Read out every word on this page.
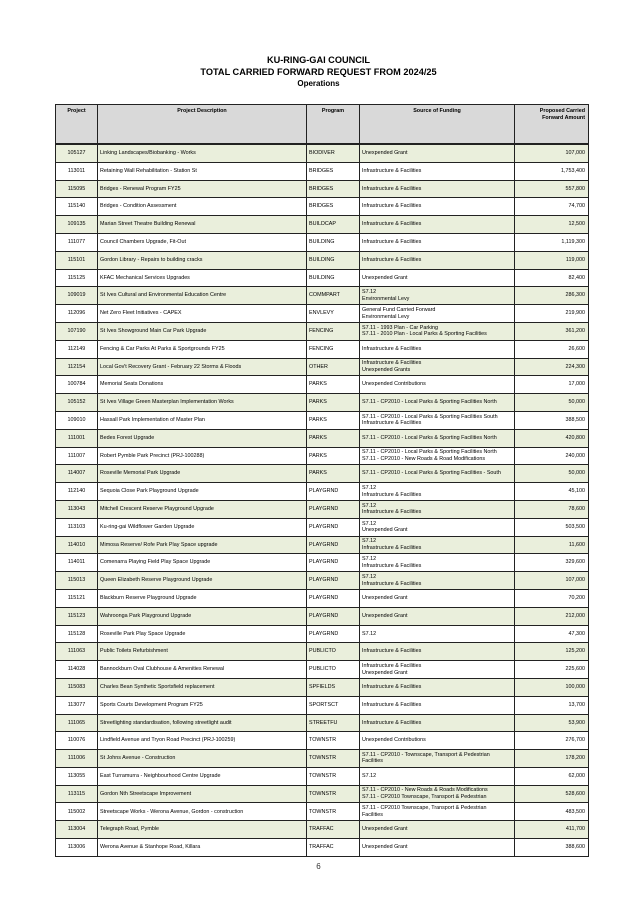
KU-RING-GAI COUNCIL
TOTAL CARRIED FORWARD REQUEST FROM 2024/25
Operations
Project	Project Description	Program	Source of Funding	Proposed Carried
Forward Amount

105127	Linking Landscapes/Biobanking - Works	BIODIVER	Unexpended Grant	107,000
113011	Retaining Wall Rehabilitation - Station St	BRIDGES	Infrastructure & Facilities	1,753,400
115095	Bridges - Renewal Program FY25	BRIDGES	Infrastructure & Facilities	557,800
115140	Bridges - Condition Assessment	BRIDGES	Infrastructure & Facilities	74,700
109135	Marian Street Theatre Building Renewal	BUILDCAP	Infrastructure & Facilities	12,500
111077	Council Chambers Upgrade, Fit-Out	BUILDING	Infrastructure & Facilities	1,119,300
115101	Gordon Library - Repairs to building cracks	BUILDING	Infrastructure & Facilities	119,000
115125	KFAC Mechanical Services Upgrades	BUILDING	Unexpended Grant	82,400
109019	St Ives Cultural and Environmental Education Centre	COMMPART	S7.12
Environmental Levy	286,300
112096	Net Zero Fleet Initiatives - CAPEX	ENVLEVY	General Fund Carried Forward
Environmental Levy	219,900
107190	St Ives Showground Main Car Park Upgrade	FENCING	S7.11 - 1993 Plan - Car Parking
S7.11 - 2010 Plan - Local Parks & Sporting Facilities	361,200
112149	Fencing & Car Parks At Parks & Sportgrounds FY25	FENCING	Infrastructure & Facilities	26,600
112154	Local Gov't Recovery Grant - February 22 Storms & Floods	OTHER	Infrastructure & Facilities
Unexpended Grants	224,300
100784	Memorial Seats Donations	PARKS	Unexpended Contributions	17,000
105152	St Ives Village Green Masterplan Implementation Works	PARKS	S7.11 - CP2010 - Local Parks & Sporting Facilities North	50,000
109010	Hassall Park Implementation of Master Plan	PARKS	S7.11 - CP2010 - Local Parks & Sporting Facilities South
Infrastructure & Facilities	388,500
111001	Bedes Forest Upgrade	PARKS	S7.11 - CP2010 - Local Parks & Sporting Facilities North	420,800
111007	Robert Pymble Park Precinct (PRJ-100288)	PARKS	S7.11 - CP2010 - Local Parks & Sporting Facilities North
S7.11 - CP2010 - New Roads & Road Modifications	240,000
114007	Roseville Memorial Park Upgrade	PARKS	S7.11 - CP2010 - Local Parks & Sporting Facilities - South	50,000
112140	Sequoia Close Park Playground Upgrade	PLAYGRND	S7.12
Infrastructure & Facilities	45,100
113043	Mitchell Crescent Reserve Playground Upgrade	PLAYGRND	S7.12
Infrastructure & Facilities	78,600
113103	Ku-ring-gai Wildflower Garden Upgrade	PLAYGRND	S7.12
Unexpended Grant	503,500
114010	Mimosa Reserve/ Rofe Park Play Space upgrade	PLAYGRND	S7.12
Infrastructure & Facilities	11,600
114011	Comenarra Playing Field Play Space Upgrade	PLAYGRND	S7.12
Infrastructure & Facilities	329,600
115013	Queen Elizabeth Reserve Playground Upgrade	PLAYGRND	S7.12
Infrastructure & Facilities	107,000
115121	Blackburn Reserve Playground Upgrade	PLAYGRND	Unexpended Grant	70,200
115123	Wahroonga Park Playground Upgrade	PLAYGRND	Unexpended Grant	212,000
115128	Roseville Park Play Space Upgrade	PLAYGRND	S7.12	47,300
111063	Public Toilets Refurbishment	PUBLICTO	Infrastructure & Facilities	125,200
114028	Bannockburn Oval Clubhouse & Amenities Renewal	PUBLICTO	Infrastructure & Facilities
Unexpended Grant	225,600
115083	Charles Bean Synthetic Sportsfield replacement	SPFIELDS	Infrastructure & Facilities	100,000
113077	Sports Courts Development Program FY25	SPORTSCT	Infrastructure & Facilities	13,700
111065	Streetlighting standardisation, following streetlight audit	STREETFU	Infrastructure & Facilities	53,900
110076	Lindfield Avenue and Tryon Road Precinct (PRJ-100259)	TOWNSTR	Unexpended Contributions	276,700
111006	St Johns Avenue - Construction	TOWNSTR	S7.11 - CP2010 - Townscape, Transport & Pedestrian
Facilities	178,200
113055	East Turramurra - Neighbourhood Centre Upgrade	TOWNSTR	S7.12	62,000
113115	Gordon Nth Streetscape Improvement	TOWNSTR	S7.11 - CP2010 - New Roads & Roads Modifications
S7.11 - CP2010 Townscape, Transport & Pedestrian	528,600
115002	Streetscape Works - Werona Avenue, Gordon - construction	TOWNSTR	S7.11 - CP2010 Townscape, Transport & Pedestrian
Facilities	483,500
113004	Telegraph Road, Pymble	TRAFFAC	Unexpended Grant	411,700
113006	Werona Avenue & Stanhope Road, Killara	TRAFFAC	Unexpended Grant	388,600
6
